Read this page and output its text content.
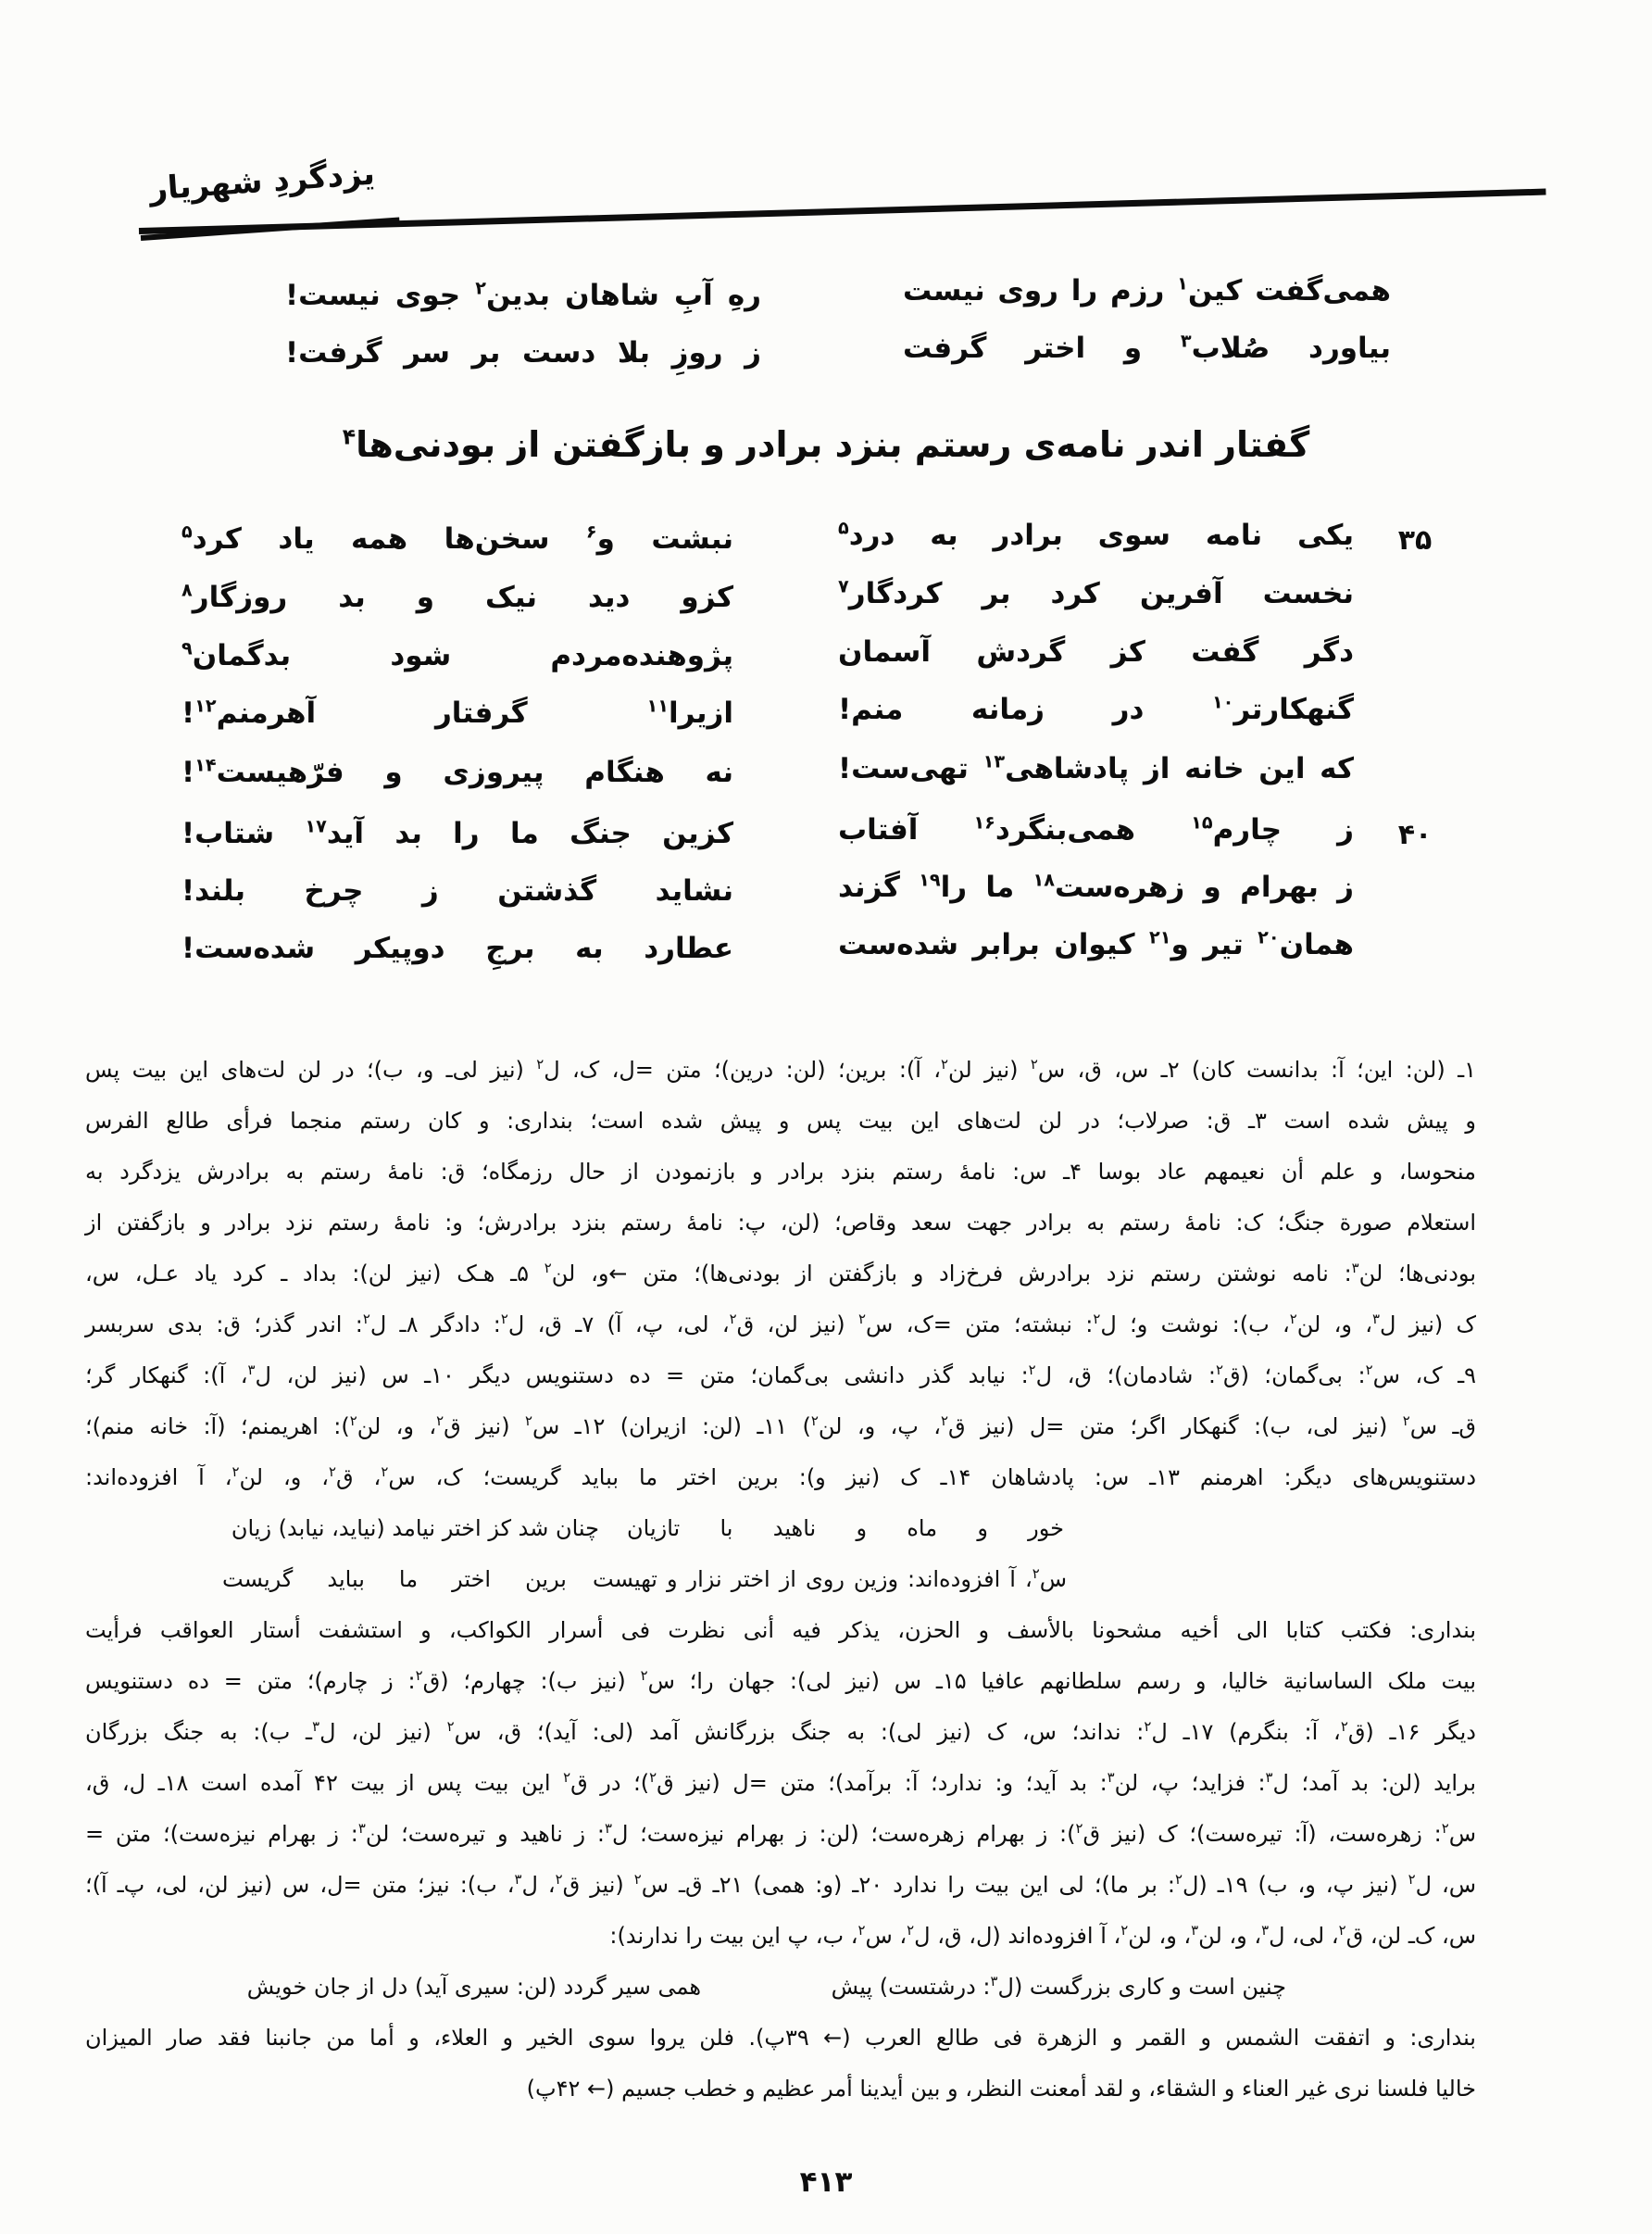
یزدگردِ شهریار
همی‌گفت کین$^۱$ رزم را روی نیست
رهِ آبِ شاهان بدین$^۲$ جوی نیست!
بیاورد صُلاب$^۳$ و اختر گرفت
ز روزِ بلا دست بر سر گرفت!
گفتار اندر نامه‌ی رستم بنزد برادر و بازگفتن از بودنی‌ها$^۴$
۳۵
۴۰
یکی نامه سوی برادر به درد$^۵$
نبشت و$^۶$ سخن‌ها همه یاد کرد$^۵$
نخست آفرین کرد بر کردگار$^۷$
کزو دید نیک و بد روزگار$^۸$
دگر گفت کز گردش آسمان
پژوهنده‌مردم شود بدگمان$^۹$
گنهکارتر$^{۱۰}$ در زمانه منم!
ازیرا$^{۱۱}$ گرفتار آهرمنم$^{۱۲}$!
که این خانه از پادشاهی$^{۱۳}$ تهی‌ست!
نه هنگام پیروزی و فرّهیست$^{۱۴}$!
ز چارم$^{۱۵}$ همی‌بنگرد$^{۱۶}$ آفتاب
کزین جنگ ما را بد آید$^{۱۷}$ شتاب!
ز بهرام و زهره‌ست$^{۱۸}$ ما را$^{۱۹}$ گزند
نشاید گذشتن ز چرخ بلند!
همان$^{۲۰}$ تیر و$^{۲۱}$ کیوان برابر شده‌ست
عطارد به برجِ دوپیکر شده‌ست!
۱ـ (لن: این؛ آ: بدانست کان) ۲ـ س، ق، س$^۲$ (نیز لن$^۲$، آ): برین؛ (لن: درین)؛ متن =ل، ک، ل$^۲$ (نیز لی‌ـ و، ب)؛ در لن لت‌های این بیت پس
و پیش شده است ۳ـ ق: صرلاب؛ در لن لت‌های این بیت پس و پیش شده است؛ بنداری: و کان رستم منجما فرأی طالع الفرس
منحوسا، و علم أن نعیمهم عاد بوسا ۴ـ س: نامهٔ رستم بنزد برادر و بازنمودن از حال رزمگاه؛ ق: نامهٔ رستم به برادرش یزدگرد به
استعلام صورة جنگ؛ ک: نامهٔ رستم به برادر جهت سعد وقاص؛ (لن، پ: نامهٔ رستم بنزد برادرش؛ و: نامهٔ رستم نزد برادر و بازگفتن از
بودنی‌ها؛ لن$^۳$: نامه نوشتن رستم نزد برادرش فرخ‌زاد و بازگفتن از بودنی‌ها)؛ متن ←و، لن$^۲$ ۵ـ هـک (نیز لن): بداد ـ کرد یاد عـل، س،
ک (نیز ل$^۳$، و، لن$^۲$، ب): نوشت و؛ ل$^۲$: نبشته؛ متن =ک، س$^۲$ (نیز لن، ق$^۲$، لی، پ، آ) ۷ـ ق، ل$^۲$: دادگر ۸ـ ل$^۲$: اندر گذر؛ ق: بدی سربسر
۹ـ ک، س$^۲$: بی‌گمان؛ (ق$^۲$: شادمان)؛ ق، ل$^۲$: نیابد گذر دانشی بی‌گمان؛ متن = ده دستنویس دیگر ۱۰ـ س (نیز لن، ل$^۳$، آ): گنهکار گر؛
ق‌ـ س$^۲$ (نیز لی، ب): گنهکار اگر؛ متن =ل (نیز ق$^۲$، پ، و، لن$^۲$) ۱۱ـ (لن: ازیران) ۱۲ـ س$^۲$ (نیز ق$^۲$، و، لن$^۲$): اهریمنم؛ (آ: خانه منم)؛
دستنویس‌های دیگر: اهرمنم ۱۳ـ س: پادشاهان ۱۴ـ ک (نیز و): برین اختر ما بباید گریست؛ ک، س$^۲$، ق$^۲$، و، لن$^۲$، آ افزوده‌اند:
خور و ماه و ناهید با تازیان
چنان شد کز اختر نیامد (نیاید، نیابد) زیان
س$^۲$، آ افزوده‌اند: وزین روی از اختر نزار و تهیست
برین اختر ما بباید گریست
بنداری: فکتب کتابا الی أخیه مشحونا بالأسف و الحزن، یذکر فیه أنی نظرت فی أسرار الکواکب، و استشفت أستار العواقب فرأیت
بیت ملک الساسانیة خالیا، و رسم سلطانهم عافیا ۱۵ـ س (نیز لی): جهان را؛ س$^۲$ (نیز ب): چهارم؛ (ق$^۲$: ز چارم)؛ متن = ده دستنویس
دیگر ۱۶ـ (ق$^۲$، آ: بنگرم) ۱۷ـ ل$^۲$: نداند؛ س، ک (نیز لی): به جنگ بزرگانش آمد (لی: آید)؛ ق، س$^۲$ (نیز لن، ل$^۳$ـ ب): به جنگ بزرگان
براید (لن: بد آمد؛ ل$^۳$: فزاید؛ پ، لن$^۳$: بد آید؛ و: ندارد؛ آ: برآمد)؛ متن =ل (نیز ق$^۲$)؛ در ق$^۲$ این بیت پس از بیت ۴۲ آمده است ۱۸ـ ل، ق،
س$^۲$: زهره‌ست، (آ: تیره‌ست)؛ ک (نیز ق$^۲$): ز بهرام زهره‌ست؛ (لن: ز بهرام نیزه‌ست؛ ل$^۳$: ز ناهید و تیره‌ست؛ لن$^۳$: ز بهرام نیزه‌ست)؛ متن =
س، ل$^۲$ (نیز پ، و، ب) ۱۹ـ (ل$^۲$: بر ما)؛ لی این بیت را ندارد ۲۰ـ (و: همی) ۲۱ـ ق‌ـ س$^۲$ (نیز ق$^۲$، ل$^۳$، ب): نیز؛ متن =ل، س (نیز لن، لی، پ‌ـ آ)؛
س، ک‌ـ لن، ق$^۲$، لی، ل$^۳$، و، لن$^۳$، و، لن$^۲$، آ افزوده‌اند (ل، ق، ل$^۲$، س$^۲$، ب، پ این بیت را ندارند):
چنین است و کاری بزرگست (ل$^۳$: درشتست) پیش
همی سیر گردد (لن: سیری آید) دل از جان خویش
بنداری: و اتفقت الشمس و القمر و الزهرة فی طالع العرب (← ۳۹پ). فلن یروا سوی الخیر و العلاء، و أما من جانبنا فقد صار المیزان
خالیا فلسنا نری غیر العناء و الشقاء، و لقد أمعنت النظر، و بین أیدینا أمر عظیم و خطب جسیم (← ۴۲پ)
۴۱۳
